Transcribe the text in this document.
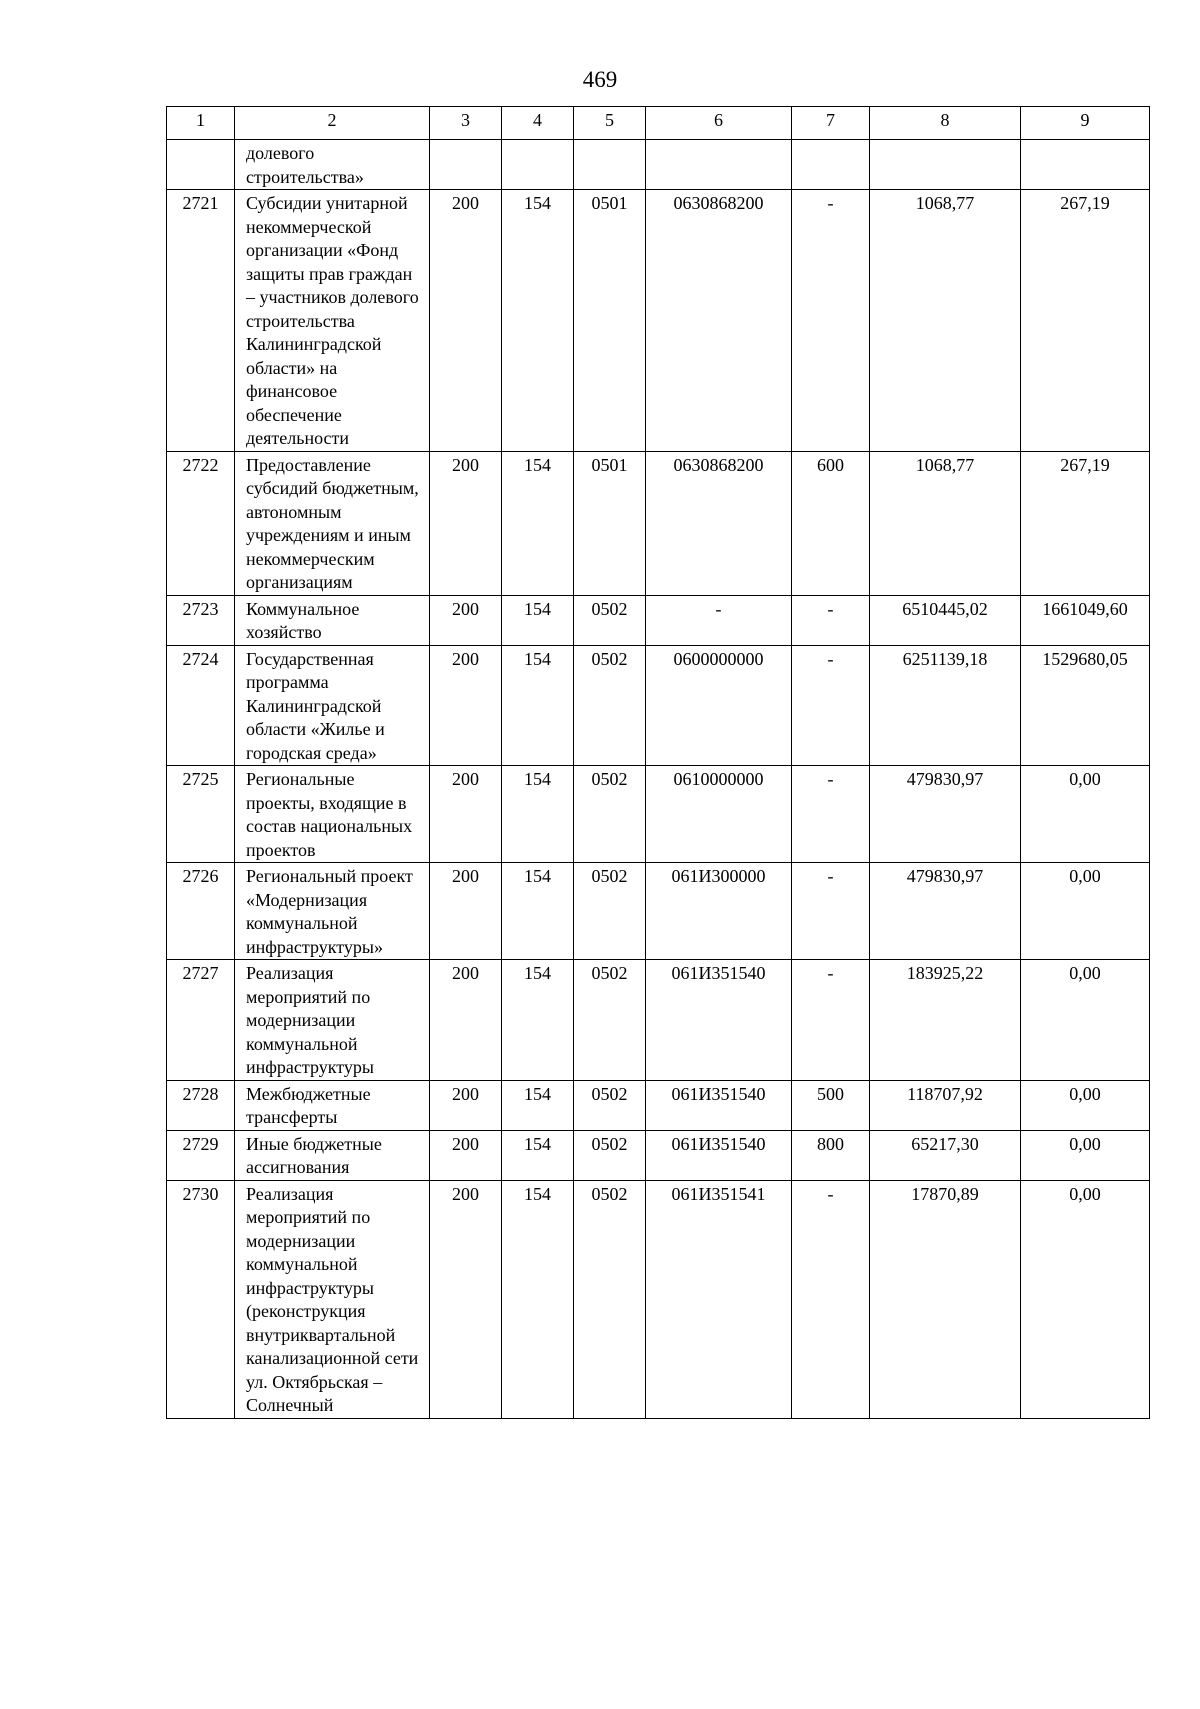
469
1	2	3	4	5	6	7	8	9
	долевого строительства»							
2721	Субсидии унитарной некоммерческой организации «Фонд защиты прав граждан – участников долевого строительства Калининградской области» на финансовое обеспечение деятельности	200	154	0501	0630868200	-	1068,77	267,19
2722	Предоставление субсидий бюджетным, автономным учреждениям и иным некоммерческим организациям	200	154	0501	0630868200	600	1068,77	267,19
2723	Коммунальное хозяйство	200	154	0502	-	-	6510445,02	1661049,60
2724	Государственная программа Калининградской области «Жилье и городская среда»	200	154	0502	0600000000	-	6251139,18	1529680,05
2725	Региональные проекты, входящие в состав национальных проектов	200	154	0502	0610000000	-	479830,97	0,00
2726	Региональный проект «Модернизация коммунальной инфраструктуры»	200	154	0502	061И300000	-	479830,97	0,00
2727	Реализация мероприятий по модернизации коммунальной инфраструктуры	200	154	0502	061И351540	-	183925,22	0,00
2728	Межбюджетные трансферты	200	154	0502	061И351540	500	118707,92	0,00
2729	Иные бюджетные ассигнования	200	154	0502	061И351540	800	65217,30	0,00
2730	Реализация мероприятий по модернизации коммунальной инфраструктуры (реконструкция внутриквартальной канализационной сети ул. Октябрьская – Солнечный	200	154	0502	061И351541	-	17870,89	0,00
